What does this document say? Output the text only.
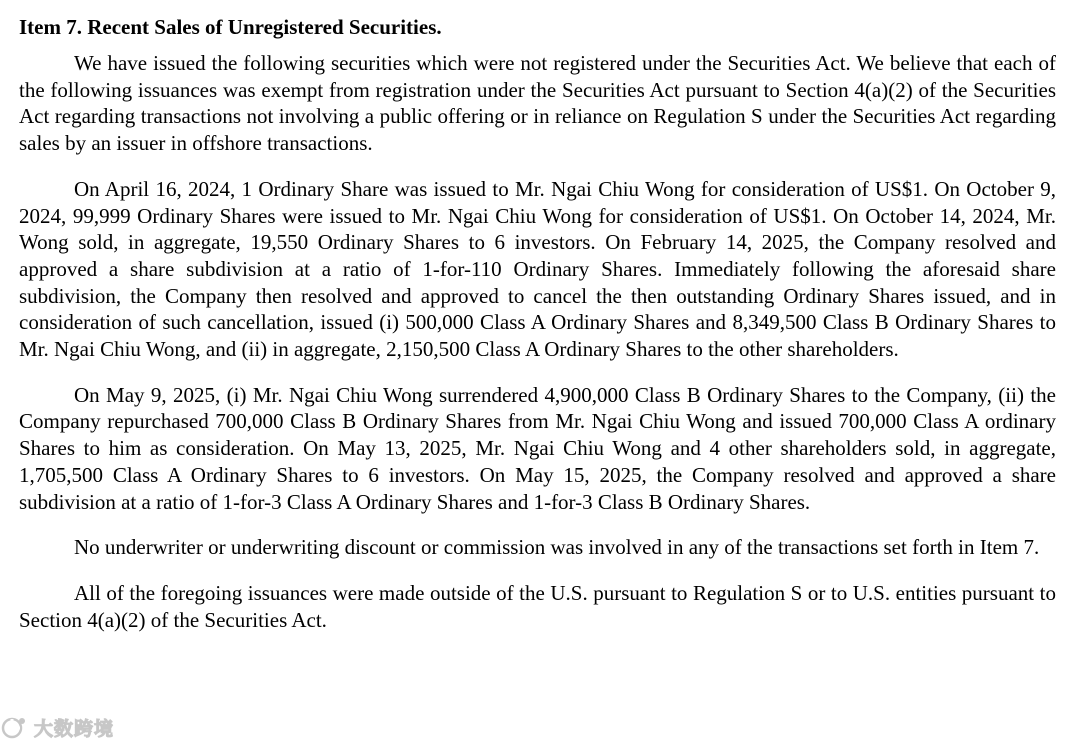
Item 7. Recent Sales of Unregistered Securities.

We have issued the following securities which were not registered under the Securities Act. We believe that each of the following issuances was exempt from registration under the Securities Act pursuant to Section 4(a)(2) of the Securities Act regarding transactions not involving a public offering or in reliance on Regulation S under the Securities Act regarding sales by an issuer in offshore transactions.

On April 16, 2024, 1 Ordinary Share was issued to Mr. Ngai Chiu Wong for consideration of US$1. On October 9, 2024, 99,999 Ordinary Shares were issued to Mr. Ngai Chiu Wong for consideration of US$1. On October 14, 2024, Mr. Wong sold, in aggregate, 19,550 Ordinary Shares to 6 investors. On February 14, 2025, the Company resolved and approved a share subdivision at a ratio of 1-for-110 Ordinary Shares. Immediately following the aforesaid share subdivision, the Company then resolved and approved to cancel the then outstanding Ordinary Shares issued, and in consideration of such cancellation, issued (i) 500,000 Class A Ordinary Shares and 8,349,500 Class B Ordinary Shares to Mr. Ngai Chiu Wong, and (ii) in aggregate, 2,150,500 Class A Ordinary Shares to the other shareholders.

On May 9, 2025, (i) Mr. Ngai Chiu Wong surrendered 4,900,000 Class B Ordinary Shares to the Company, (ii) the Company repurchased 700,000 Class B Ordinary Shares from Mr. Ngai Chiu Wong and issued 700,000 Class A ordinary Shares to him as consideration. On May 13, 2025, Mr. Ngai Chiu Wong and 4 other shareholders sold, in aggregate, 1,705,500 Class A Ordinary Shares to 6 investors. On May 15, 2025, the Company resolved and approved a share subdivision at a ratio of 1-for-3 Class A Ordinary Shares and 1-for-3 Class B Ordinary Shares.

No underwriter or underwriting discount or commission was involved in any of the transactions set forth in Item 7.

All of the foregoing issuances were made outside of the U.S. pursuant to Regulation S or to U.S. entities pursuant to Section 4(a)(2) of the Securities Act.

大数跨境
